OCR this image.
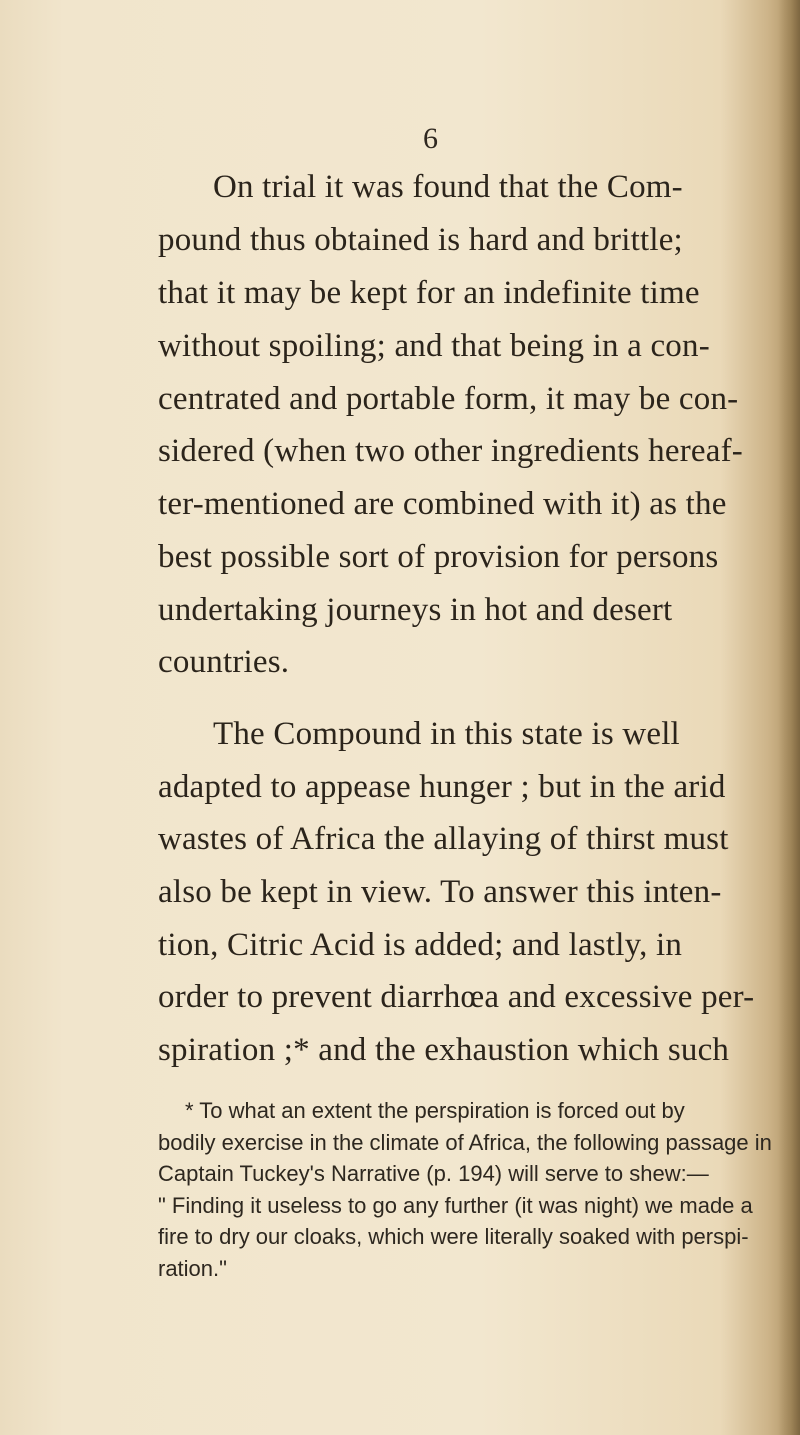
6
On trial it was found that the Com-
pound thus obtained is hard and brittle;
that it may be kept for an indefinite time
without spoiling; and that being in a con-
centrated and portable form, it may be con-
sidered (when two other ingredients hereaf-
ter-mentioned are combined with it) as the
best possible sort of provision for persons
undertaking journeys in hot and desert
countries.
The Compound in this state is well
adapted to appease hunger ; but in the arid
wastes of Africa the allaying of thirst must
also be kept in view. To answer this inten-
tion, Citric Acid is added; and lastly, in
order to prevent diarrhœa and excessive per-
spiration ;* and the exhaustion which such
* To what an extent the perspiration is forced out by
bodily exercise in the climate of Africa, the following passage in
Captain Tuckey's Narrative (p. 194) will serve to shew:—
" Finding it useless to go any further (it was night) we made a
fire to dry our cloaks, which were literally soaked with perspi-
ration."
